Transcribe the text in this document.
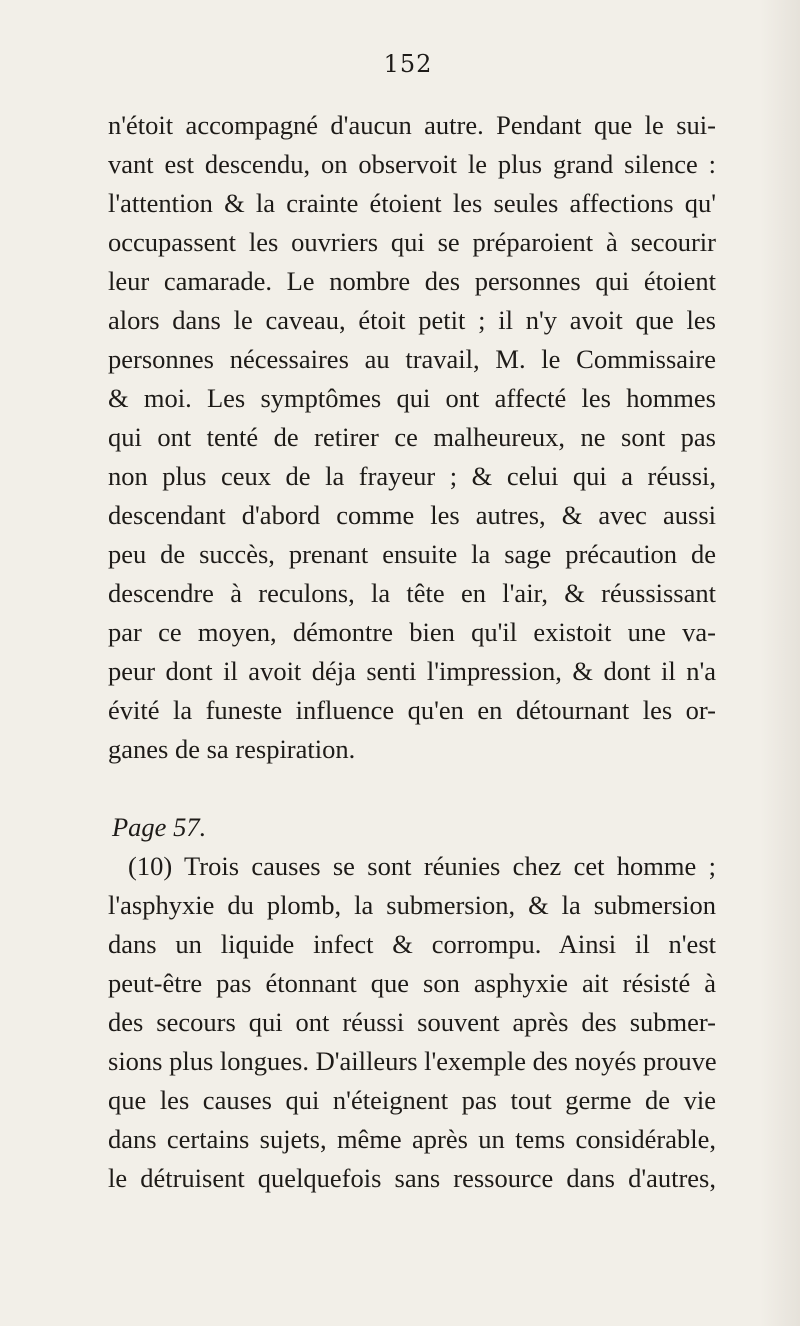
152
n'étoit accompagné d'aucun autre. Pendant que le sui-
vant est descendu, on observoit le plus grand silence :
l'attention & la crainte étoient les seules affections qu'
occupassent les ouvriers qui se préparoient à secourir
leur camarade. Le nombre des personnes qui étoient
alors dans le caveau, étoit petit ; il n'y avoit que les
personnes nécessaires au travail, M. le Commissaire
& moi. Les symptômes qui ont affecté les hommes
qui ont tenté de retirer ce malheureux, ne sont pas
non plus ceux de la frayeur ; & celui qui a réussi,
descendant d'abord comme les autres, & avec aussi
peu de succès, prenant ensuite la sage précaution de
descendre à reculons, la tête en l'air, & réussissant
par ce moyen, démontre bien qu'il existoit une va-
peur dont il avoit déja senti l'impression, & dont il n'a
évité la funeste influence qu'en en détournant les or-
ganes de sa respiration.
Page 57.
(10) Trois causes se sont réunies chez cet homme ;
l'asphyxie du plomb, la submersion, & la submersion
dans un liquide infect & corrompu. Ainsi il n'est
peut-être pas étonnant que son asphyxie ait résisté à
des secours qui ont réussi souvent après des submer-
sions plus longues. D'ailleurs l'exemple des noyés prouve
que les causes qui n'éteignent pas tout germe de vie
dans certains sujets, même après un tems considérable,
le détruisent quelquefois sans ressource dans d'autres,
